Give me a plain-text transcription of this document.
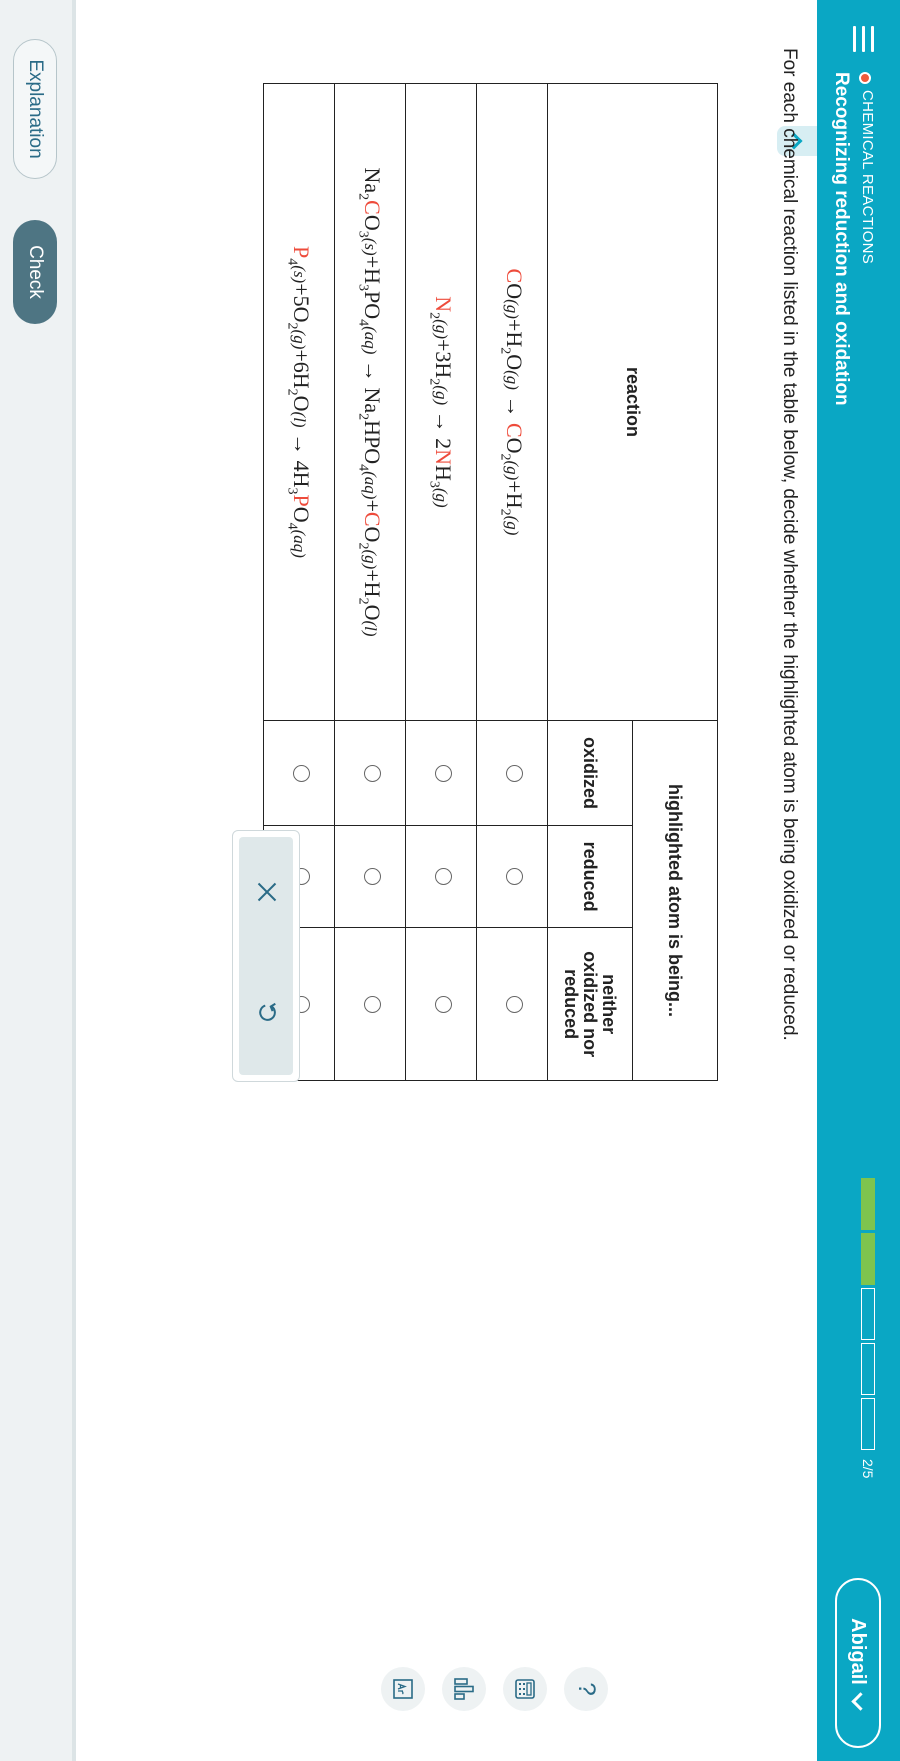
CHEMICAL REACTIONS
Recognizing reduction and oxidation
2/5
Abigail
For each chemical reaction listed in the table below, decide whether the highlighted atom is being oxidized or reduced.
reaction	highlighted atom is being...		
	oxidized	reduced	neither
oxidized nor
reduced
$CO(g)+H_2O(g) \to CO_2(g)+H_2(g)$			
$N_2(g)+3H_2(g) \to 2NH_3(g)$			
$Na_2CO_3(s)+H_3PO_4(aq) \to Na_2HPO_4(aq)+CO_2(g)+H_2O(l)$			
$P_4(s)+5O_2(g)+6H_2O(l) \to 4H_3PO_4(aq)$			
?
Explanation
Check
